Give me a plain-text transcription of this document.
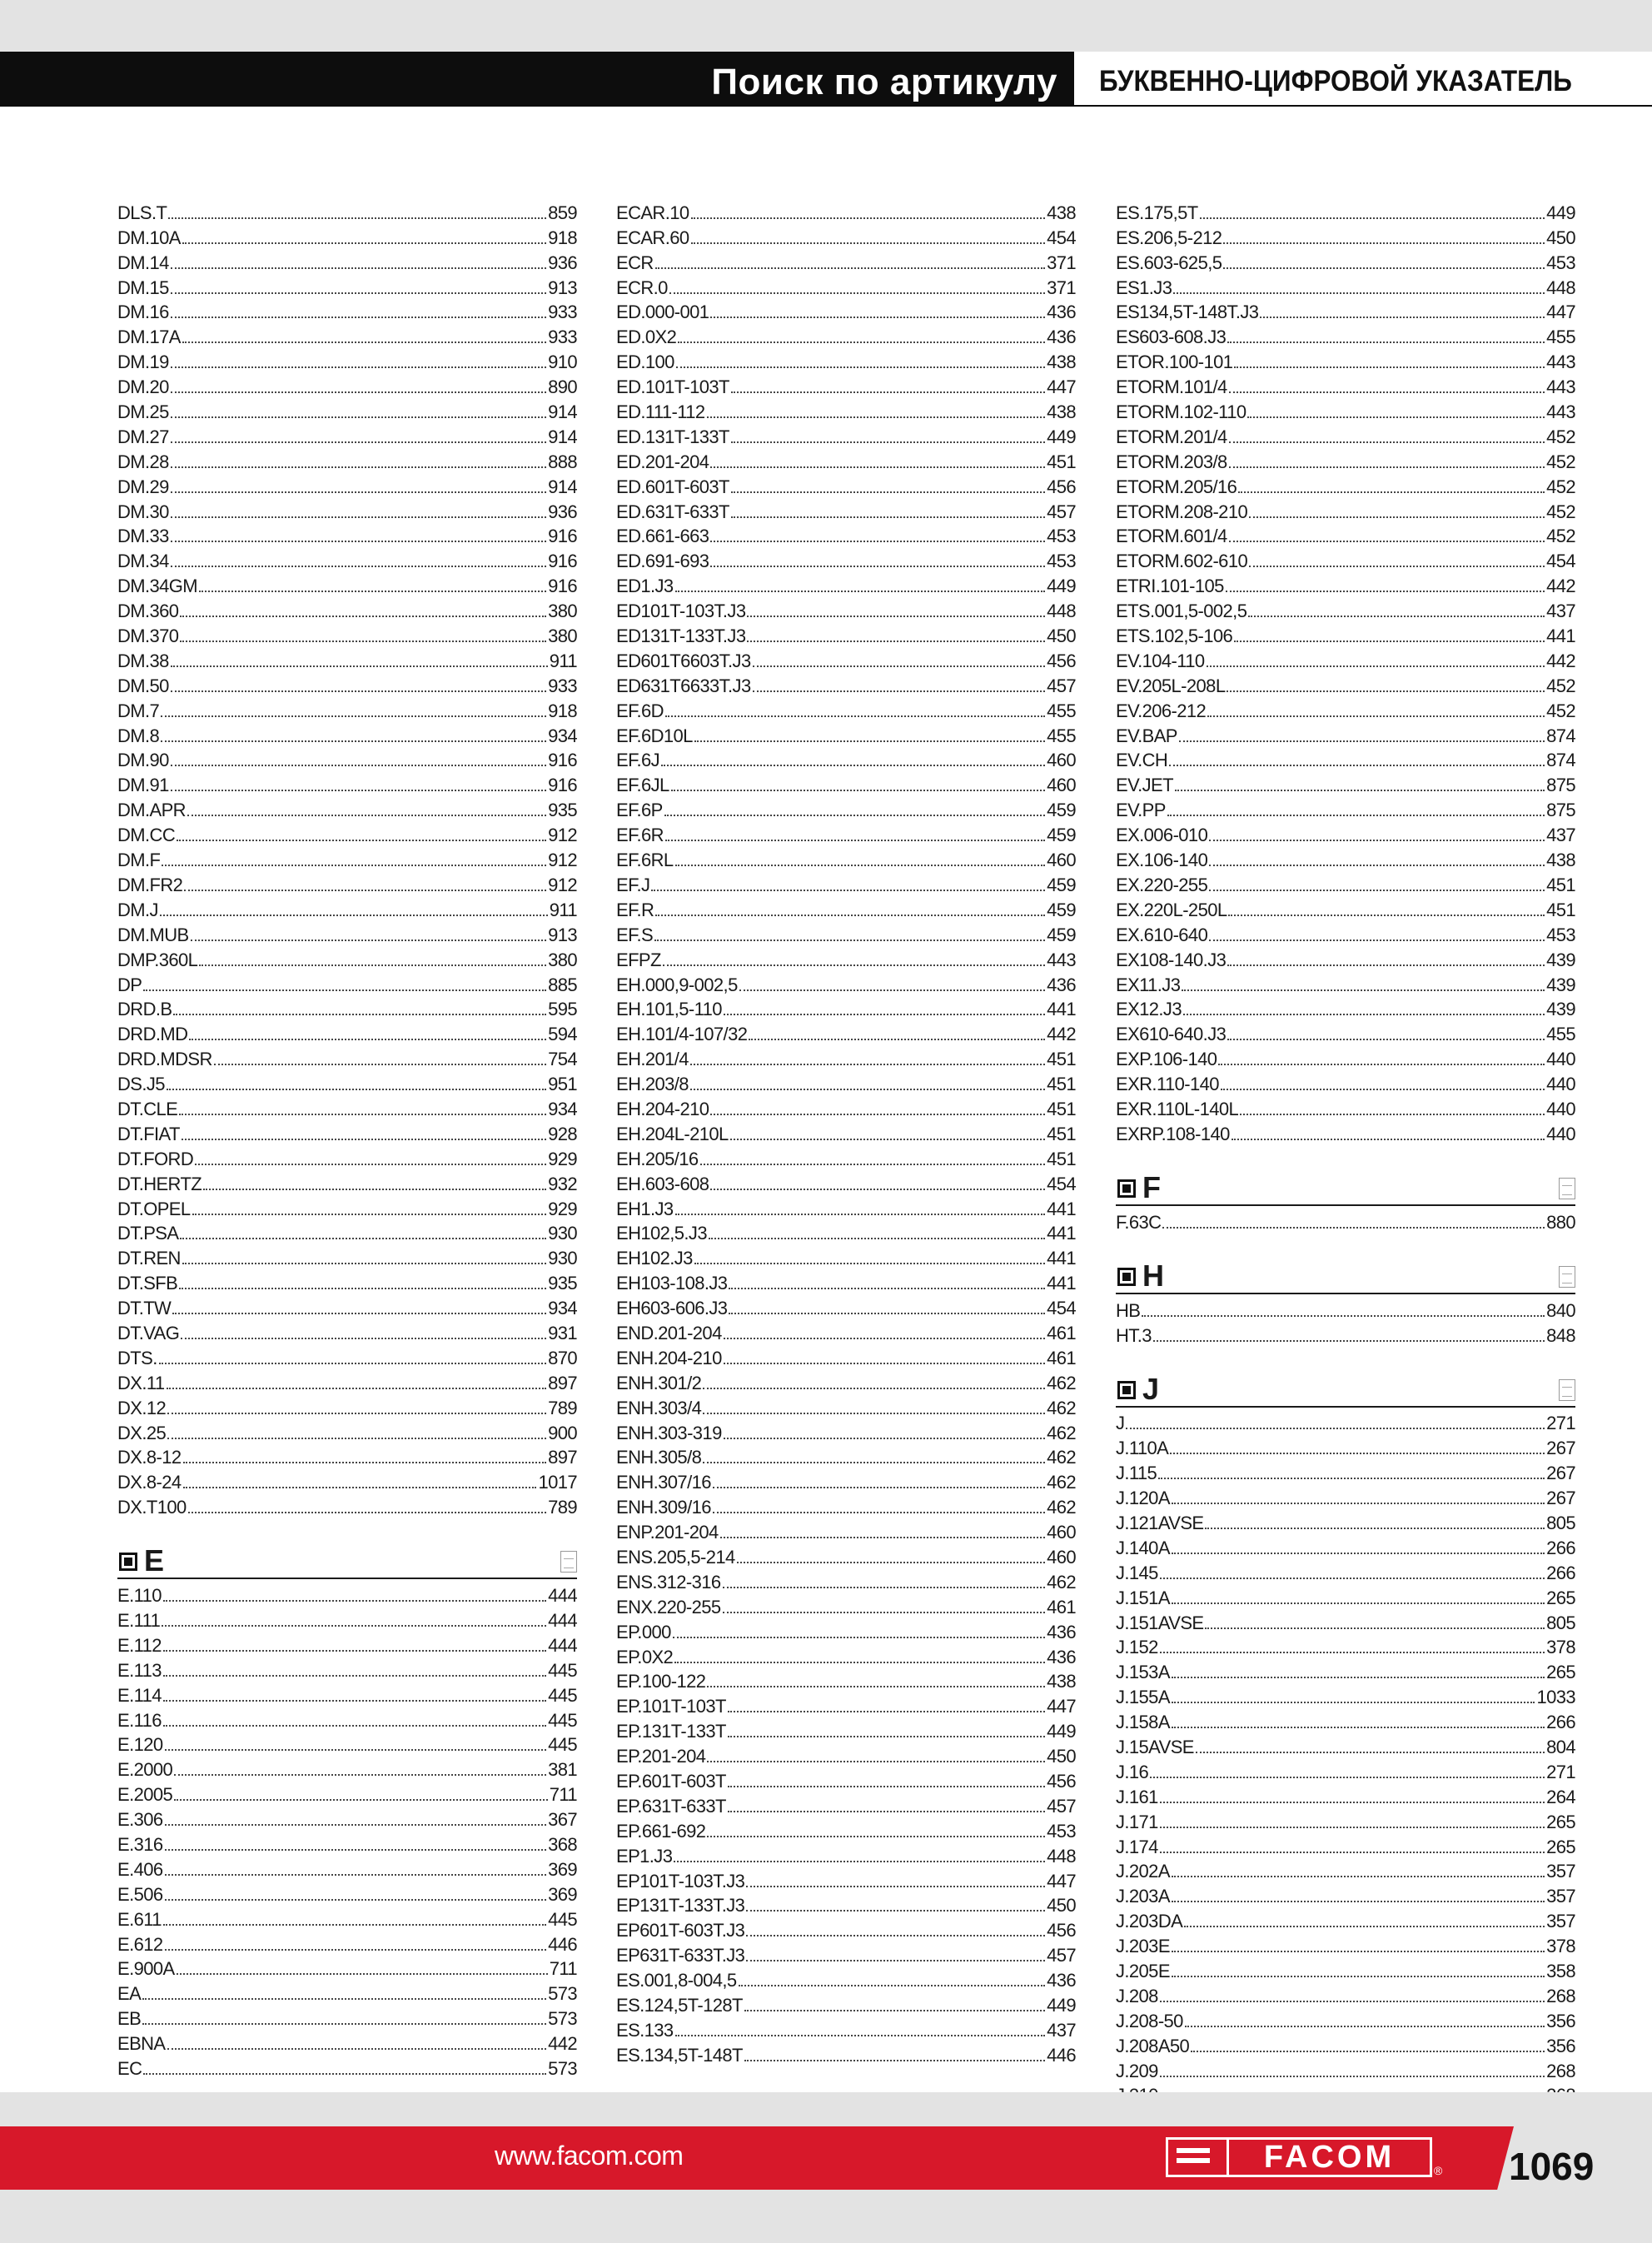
Поиск по артикулу БУКВЕННО-ЦИФРОВОЙ УКАЗАТЕЛЬ
DLS.T	859
DM.10A	918
DM.14	936
DM.15	913
DM.16	933
DM.17A	933
DM.19	910
DM.20	890
DM.25	914
DM.27	914
DM.28	888
DM.29	914
DM.30	936
DM.33	916
DM.34	916
DM.34GM	916
DM.360	380
DM.370	380
DM.38	911
DM.50	933
DM.7	918
DM.8	934
DM.90	916
DM.91	916
DM.APR	935
DM.CC	912
DM.F	912
DM.FR2	912
DM.J	911
DM.MUB	913
DMP.360L	380
DP	885
DRD.B	595
DRD.MD	594
DRD.MDSR	754
DS.J5	951
DT.CLE	934
DT.FIAT	928
DT.FORD	929
DT.HERTZ	932
DT.OPEL	929
DT.PSA	930
DT.REN	930
DT.SFB	935
DT.TW	934
DT.VAG	931
DTS.	870
DX.11	897
DX.12	789
DX.25	900
DX.8-12	897
DX.8-24	1017
DX.T100	789
E
E.110	444
E.111	444
E.112	444
E.113	445
E.114	445
E.116	445
E.120	445
E.2000	381
E.2005	711
E.306	367
E.316	368
E.406	369
E.506	369
E.611	445
E.612	446
E.900A	711
EA	573
EB	573
EBNA	442
EC	573
ECAR.10	438
ECAR.60	454
ECR	371
ECR.0	371
ED.000-001	436
ED.0X2	436
ED.100	438
ED.101T-103T	447
ED.111-112	438
ED.131T-133T	449
ED.201-204	451
ED.601T-603T	456
ED.631T-633T	457
ED.661-663	453
ED.691-693	453
ED1.J3	449
ED101T-103T.J3	448
ED131T-133T.J3	450
ED601T6603T.J3	456
ED631T6633T.J3	457
EF.6D	455
EF.6D10L	455
EF.6J	460
EF.6JL	460
EF.6P	459
EF.6R	459
EF.6RL	460
EF.J	459
EF.R	459
EF.S	459
EFPZ	443
EH.000,9-002,5	436
EH.101,5-110	441
EH.101/4-107/32	442
EH.201/4	451
EH.203/8	451
EH.204-210	451
EH.204L-210L	451
EH.205/16	451
EH.603-608	454
EH1.J3	441
EH102,5.J3	441
EH102.J3	441
EH103-108.J3	441
EH603-606.J3	454
END.201-204	461
ENH.204-210	461
ENH.301/2	462
ENH.303/4	462
ENH.303-319	462
ENH.305/8	462
ENH.307/16	462
ENH.309/16	462
ENP.201-204	460
ENS.205,5-214	460
ENS.312-316	462
ENX.220-255	461
EP.000	436
EP.0X2	436
EP.100-122	438
EP.101T-103T	447
EP.131T-133T	449
EP.201-204	450
EP.601T-603T	456
EP.631T-633T	457
EP.661-692	453
EP1.J3	448
EP101T-103T.J3	447
EP131T-133T.J3	450
EP601T-603T.J3	456
EP631T-633T.J3	457
ES.001,8-004,5	436
ES.124,5T-128T	449
ES.133	437
ES.134,5T-148T	446
ES.175,5T	449
ES.206,5-212	450
ES.603-625,5	453
ES1.J3	448
ES134,5T-148T.J3	447
ES603-608.J3	455
ETOR.100-101	443
ETORM.101/4	443
ETORM.102-110	443
ETORM.201/4	452
ETORM.203/8	452
ETORM.205/16	452
ETORM.208-210	452
ETORM.601/4	452
ETORM.602-610	454
ETRI.101-105	442
ETS.001,5-002,5	437
ETS.102,5-106	441
EV.104-110	442
EV.205L-208L	452
EV.206-212	452
EV.BAP	874
EV.CH	874
EV.JET	875
EV.PP	875
EX.006-010	437
EX.106-140	438
EX.220-255	451
EX.220L-250L	451
EX.610-640	453
EX108-140.J3	439
EX11.J3	439
EX12.J3	439
EX610-640.J3	455
EXP.106-140	440
EXR.110-140	440
EXR.110L-140L	440
EXRP.108-140	440
F
F.63C	880
H
HB	840
HT.3	848
J
J	271
J.110A	267
J.115	267
J.120A	267
J.121AVSE	805
J.140A	266
J.145	266
J.151A	265
J.151AVSE	805
J.152	378
J.153A	265
J.155A	1033
J.158A	266
J.15AVSE	804
J.16	271
J.161	264
J.171	265
J.174	265
J.202A	357
J.203A	357
J.203DA	357
J.203E	378
J.205E	358
J.208	268
J.208-50	356
J.208A50	356
J.209	268
www.facom.com	FACOM	® 1069
